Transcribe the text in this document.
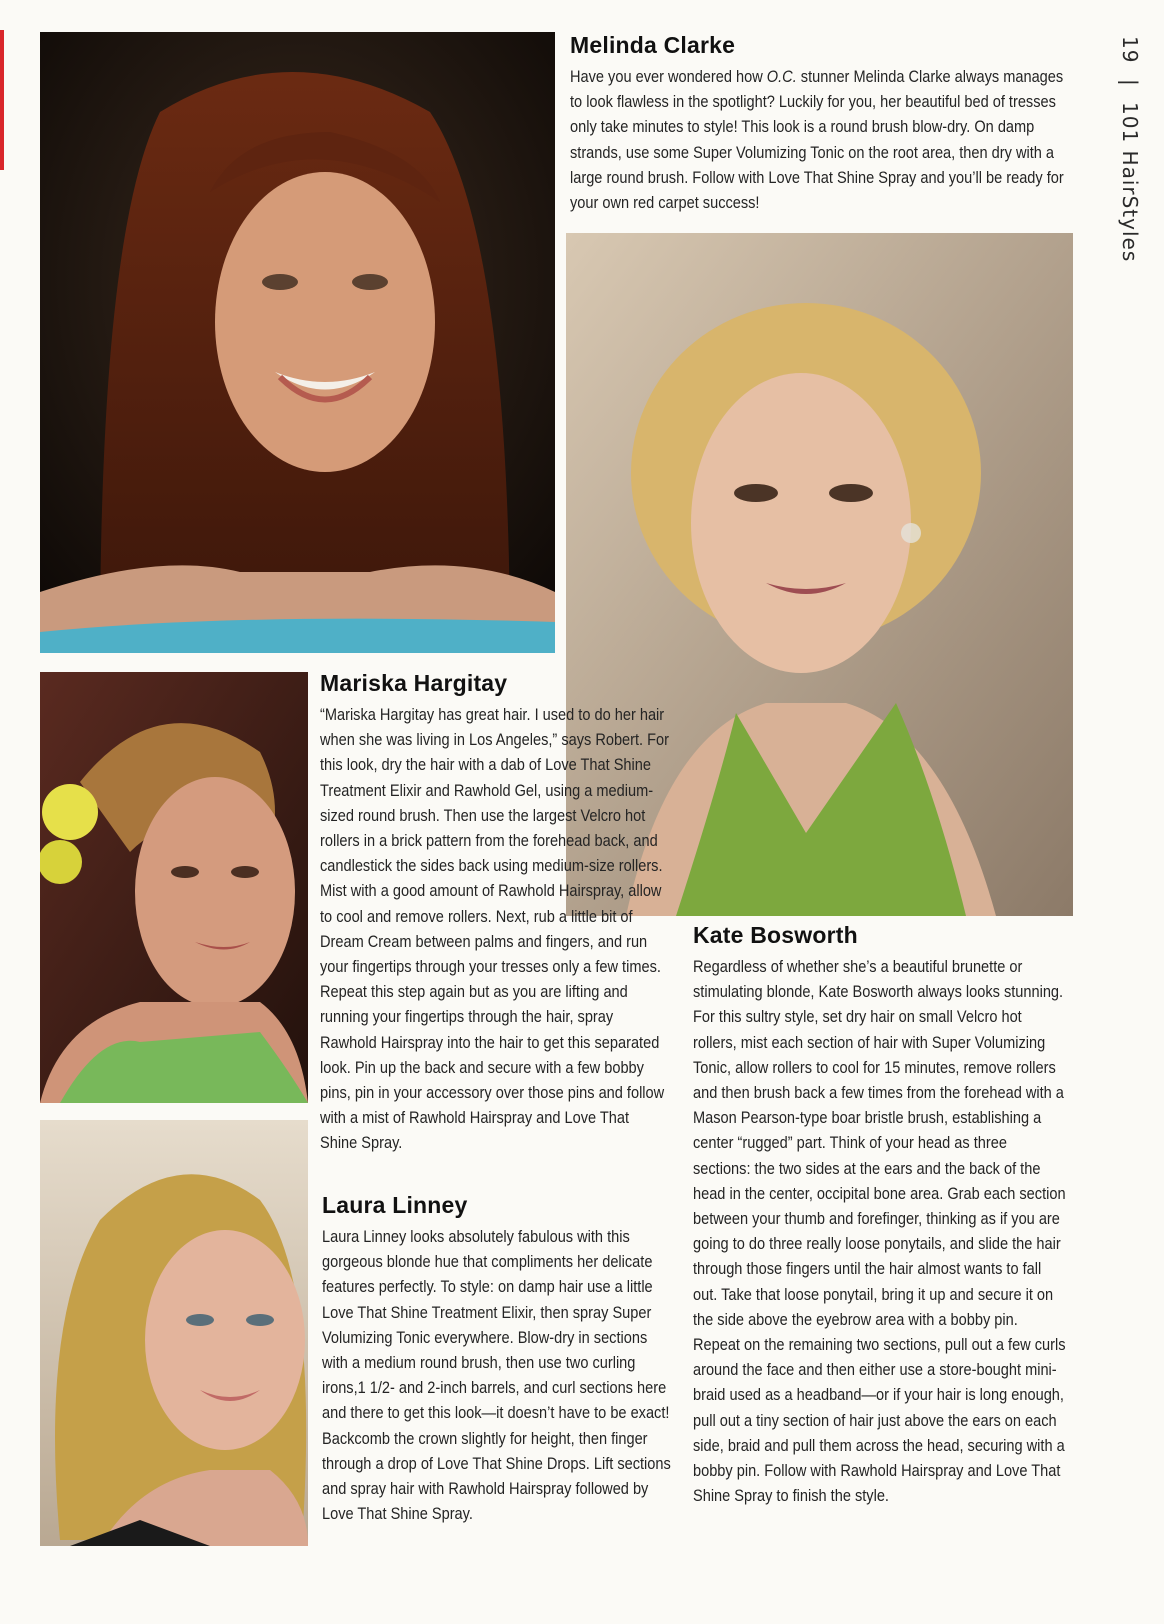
19 | 101 HairStyles
Melinda Clarke

Have you ever wondered how O.C. stunner Melinda Clarke always manages to look flawless in the spotlight? Luckily for you, her beautiful bed of tresses only take minutes to style! This look is a round brush blow-dry. On damp strands, use some Super Volumizing Tonic on the root area, then dry with a large round brush. Follow with Love That Shine Spray and you’ll be ready for your own red carpet success!

Mariska Hargitay

“Mariska Hargitay has great hair. I used to do her hair when she was living in Los Angeles,” says Robert. For this look, dry the hair with a dab of Love That Shine Treatment Elixir and Rawhold Gel, using a medium-sized round brush. Then use the largest Velcro hot rollers in a brick pattern from the forehead back, and candlestick the sides back using medium-size rollers. Mist with a good amount of Rawhold Hairspray, allow to cool and remove rollers. Next, rub a little bit of Dream Cream between palms and fingers, and run your fingertips through your tresses only a few times. Repeat this step again but as you are lifting and running your fingertips through the hair, spray Rawhold Hairspray into the hair to get this separated look. Pin up the back and secure with a few bobby pins, pin in your accessory over those pins and follow with a mist of Rawhold Hairspray and Love That Shine Spray.

Laura Linney

Laura Linney looks absolutely fabulous with this gorgeous blonde hue that compliments her delicate features perfectly. To style: on damp hair use a little Love That Shine Treatment Elixir, then spray Super Volumizing Tonic everywhere. Blow-dry in sections with a medium round brush, then use two curling irons,1 1/2- and 2-inch barrels, and curl sections here and there to get this look—it doesn’t have to be exact! Backcomb the crown slightly for height, then finger through a drop of Love That Shine Drops. Lift sections and spray hair with Rawhold Hairspray followed by Love That Shine Spray.

Kate Bosworth

Regardless of whether she’s a beautiful brunette or stimulating blonde, Kate Bosworth always looks stunning. For this sultry style, set dry hair on small Velcro hot rollers, mist each section of hair with Super Volumizing Tonic, allow rollers to cool for 15 minutes, remove rollers and then brush back a few times from the forehead with a Mason Pearson-type boar bristle brush, establishing a center “rugged” part. Think of your head as three sections: the two sides at the ears and the back of the head in the center, occipital bone area. Grab each section between your thumb and forefinger, thinking as if you are going to do three really loose ponytails, and slide the hair through those fingers until the hair almost wants to fall out. Take that loose ponytail, bring it up and secure it on the side above the eyebrow area with a bobby pin. Repeat on the remaining two sections, pull out a few curls around the face and then either use a store-bought mini-braid used as a headband—or if your hair is long enough, pull out a tiny section of hair just above the ears on each side, braid and pull them across the head, securing with a bobby pin. Follow with Rawhold Hairspray and Love That Shine Spray to finish the style.
